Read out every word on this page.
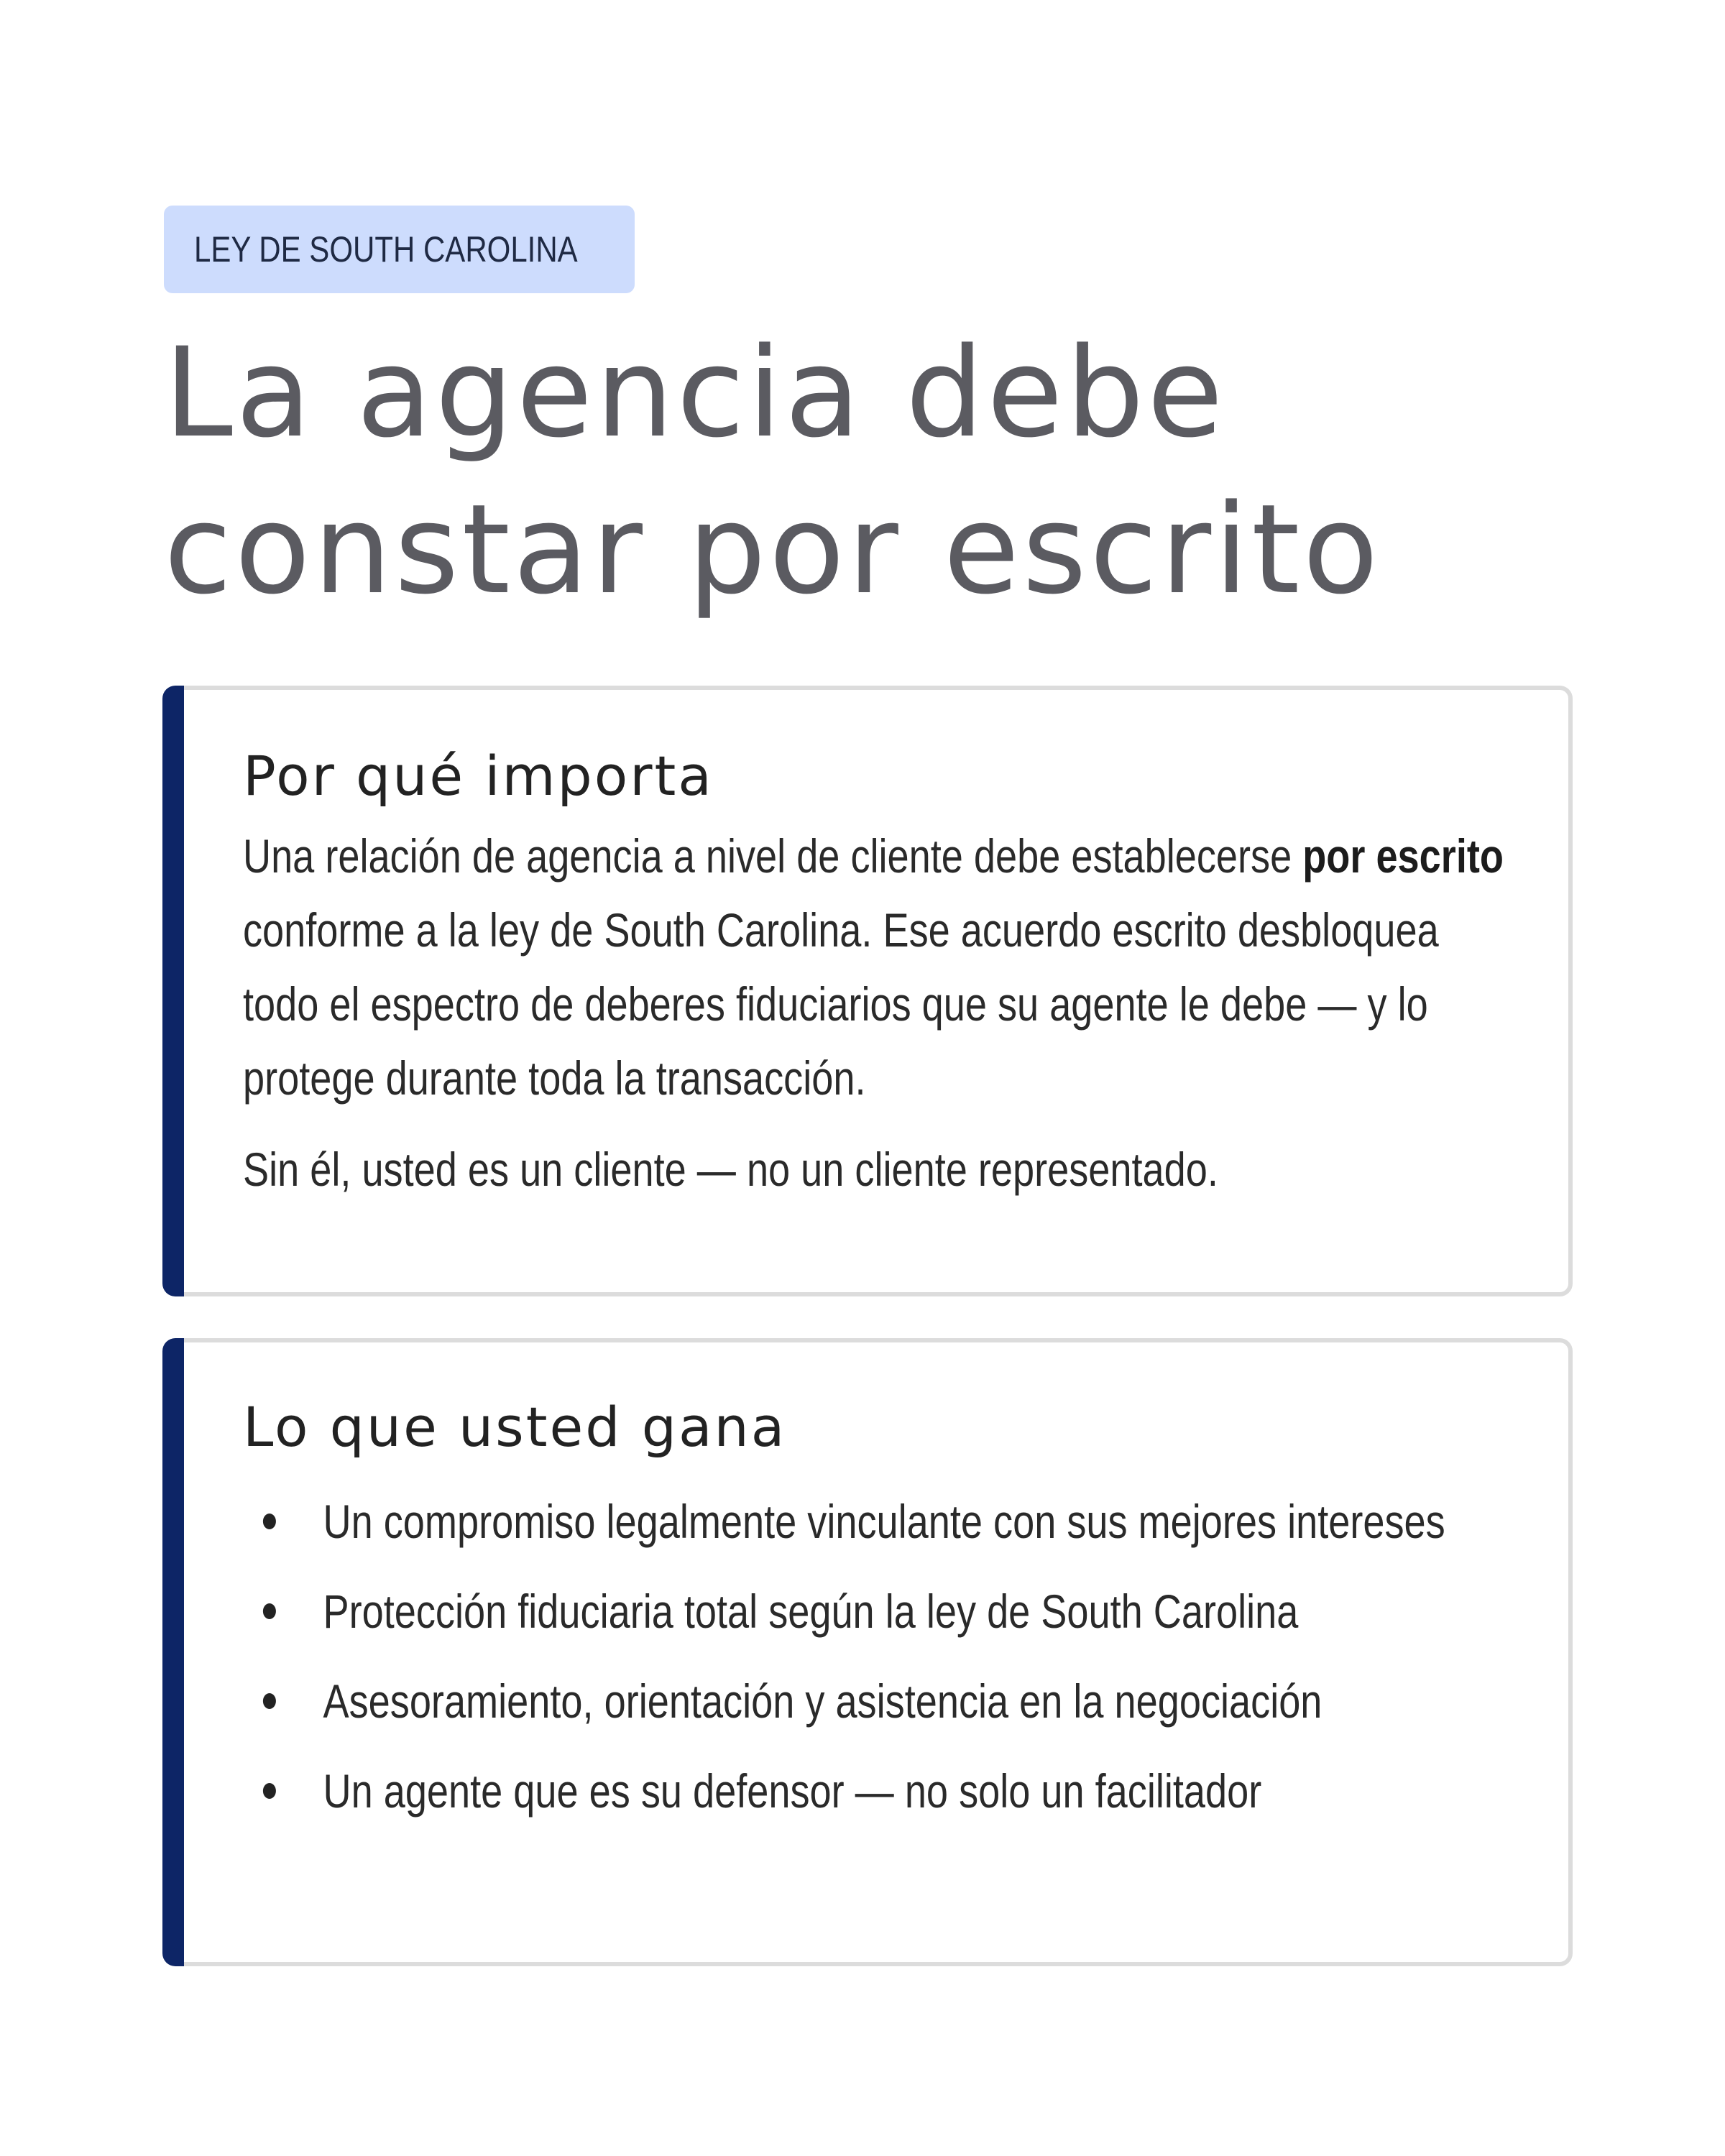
LEY DE SOUTH CAROLINA
La agencia debe constar por escrito
Por qué importa
Una relación de agencia a nivel de cliente debe establecerse por escrito conforme a la ley de South Carolina. Ese acuerdo escrito desbloquea todo el espectro de deberes fiduciarios que su agente le debe — y lo protege durante toda la transacción.
Sin él, usted es un cliente — no un cliente representado.
Lo que usted gana
Un compromiso legalmente vinculante con sus mejores intereses
Protección fiduciaria total según la ley de South Carolina
Asesoramiento, orientación y asistencia en la negociación
Un agente que es su defensor — no solo un facilitador
